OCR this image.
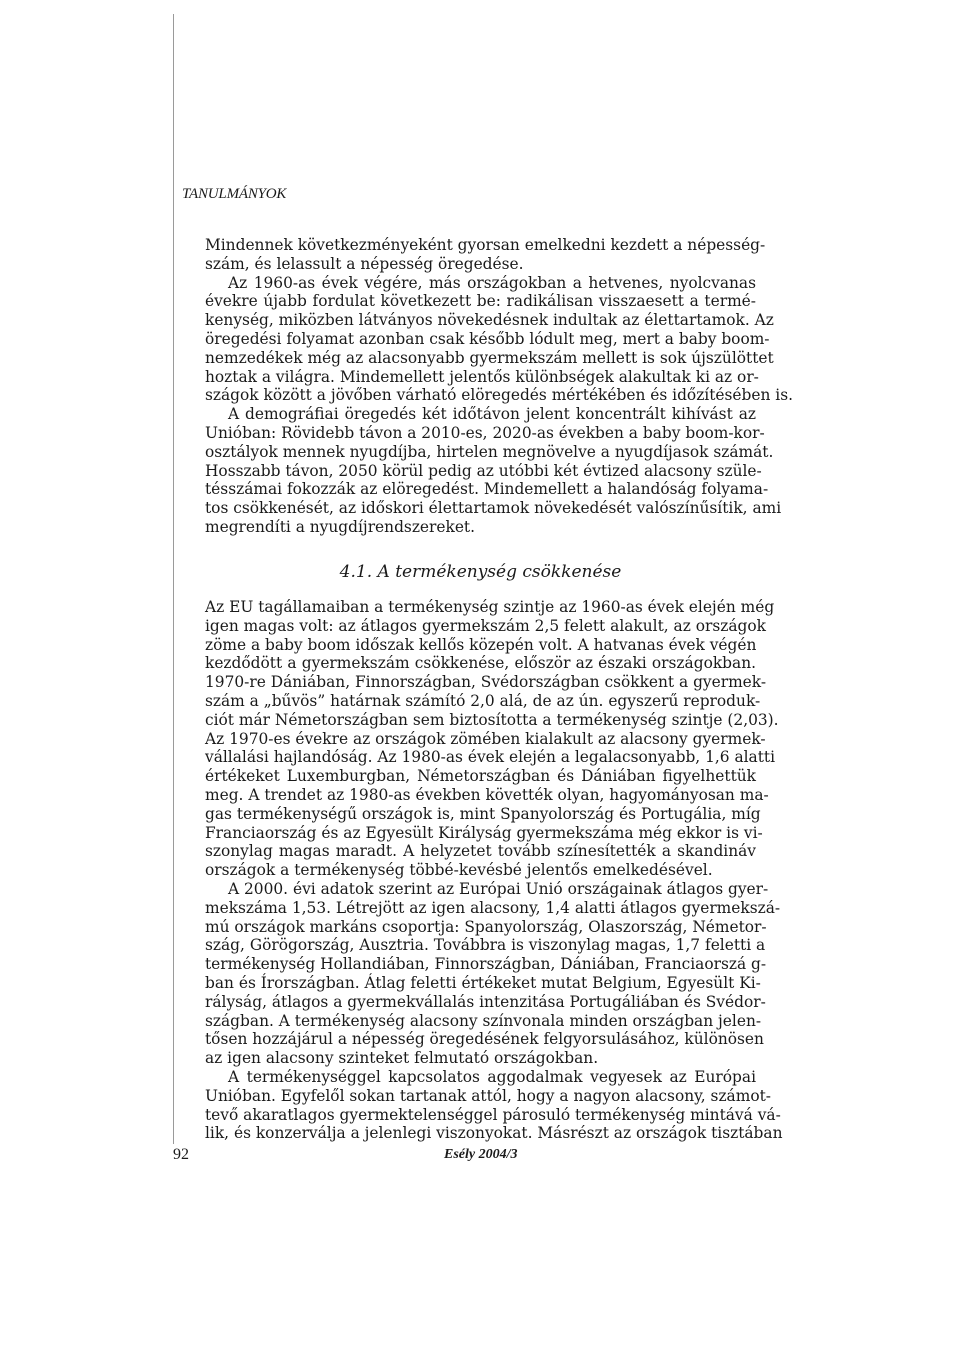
TANULMÁNYOK
Mindennek következményeként gyorsan emelkedni kezdett a népesség-
szám, és lelassult a népesség öregedése.
Az 1960-as évek végére, más országokban a hetvenes, nyolcvanas
évekre újabb fordulat következett be: radikálisan visszaesett a termé-
kenység, miközben látványos növekedésnek indultak az élettartamok. Az
öregedési folyamat azonban csak később lódult meg, mert a baby boom-
nemzedékek még az alacsonyabb gyermekszám mellett is sok újszülöttet
hoztak a világra. Mindemellett jelentős különbségek alakultak ki az or-
szágok között a jövőben várható elöregedés mértékében és időzítésében is.
A demográfiai öregedés két időtávon jelent koncentrált kihívást az
Unióban: Rövidebb távon a 2010-es, 2020-as években a baby boom-kor-
osztályok mennek nyugdíjba, hirtelen megnövelve a nyugdíjasok számát.
Hosszabb távon, 2050 körül pedig az utóbbi két évtized alacsony szüle-
tésszámai fokozzák az elöregedést. Mindemellett a halandóság folyama-
tos csökkenését, az időskori élettartamok növekedését valószínűsítik, ami
megrendíti a nyugdíjrendszereket.
4.1. A termékenység csökkenése
Az EU tagállamaiban a termékenység szintje az 1960-as évek elején még
igen magas volt: az átlagos gyermekszám 2,5 felett alakult, az országok
zöme a baby boom időszak kellős közepén volt. A hatvanas évek végén
kezdődött a gyermekszám csökkenése, először az északi országokban.
1970-re Dániában, Finnországban, Svédországban csökkent a gyermek-
szám a „bűvös” határnak számító 2,0 alá, de az ún. egyszerű reproduk-
ciót már Németországban sem biztosította a termékenység szintje (2,03).
Az 1970-es évekre az országok zömében kialakult az alacsony gyermek-
vállalási hajlandóság. Az 1980-as évek elején a legalacsonyabb, 1,6 alatti
értékeket Luxemburgban, Németországban és Dániában figyelhettük
meg. A trendet az 1980-as években követték olyan, hagyományosan ma-
gas termékenységű országok is, mint Spanyolország és Portugália, míg
Franciaország és az Egyesült Királyság gyermekszáma még ekkor is vi-
szonylag magas maradt. A helyzetet tovább színesítették a skandináv
országok a termékenység többé-kevésbé jelentős emelkedésével.
A 2000. évi adatok szerint az Európai Unió országainak átlagos gyer-
mekszáma 1,53. Létrejött az igen alacsony, 1,4 alatti átlagos gyermekszá-
mú országok markáns csoportja: Spanyolország, Olaszország, Németor-
szág, Görögország, Ausztria. Továbbra is viszonylag magas, 1,7 feletti a
termékenység Hollandiában, Finnországban, Dániában, Franciaorszá g-
ban és Írországban. Átlag feletti értékeket mutat Belgium, Egyesült Ki-
rályság, átlagos a gyermekvállalás intenzitása Portugáliában és Svédor-
szágban. A termékenység alacsony színvonala minden országban jelen-
tősen hozzájárul a népesség öregedésének felgyorsulásához, különösen
az igen alacsony szinteket felmutató országokban.
A termékenységgel kapcsolatos aggodalmak vegyesek az Európai
Unióban. Egyfelől sokan tartanak attól, hogy a nagyon alacsony, számot-
tevő akaratlagos gyermektelenséggel párosuló termékenység mintává vá-
lik, és konzerválja a jelenlegi viszonyokat. Másrészt az országok tisztában
92	Esély 2004/3
